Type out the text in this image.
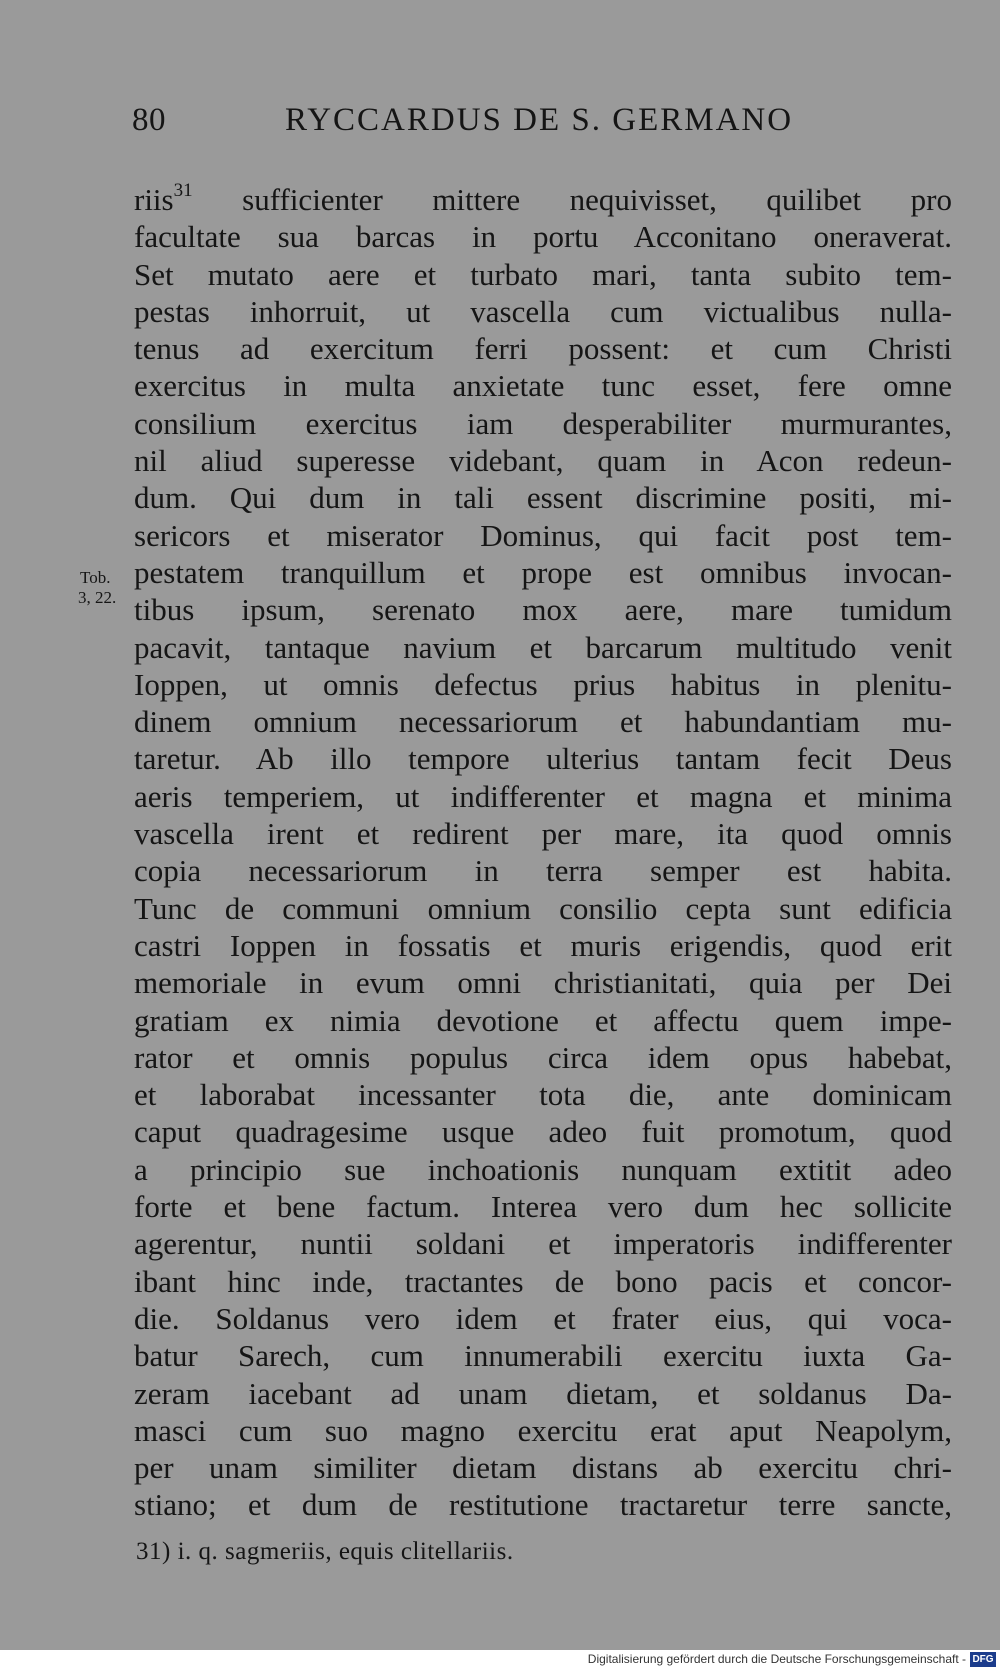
80	RYCCARDUS DE S. GERMANO
Tob.
3, 22.
riis$^{31}$ sufficienter mittere nequivisset, quilibet pro
facultate sua barcas in portu Acconitano oneraverat.
Set mutato aere et turbato mari, tanta subito tem-
pestas inhorruit, ut vascella cum victualibus nulla-
tenus ad exercitum ferri possent: et cum Christi
exercitus in multa anxietate tunc esset, fere omne
consilium exercitus iam desperabiliter murmurantes,
nil aliud superesse videbant, quam in Acon redeun-
dum. Qui dum in tali essent discrimine positi, mi-
sericors et miserator Dominus, qui facit post tem-
pestatem tranquillum et prope est omnibus invocan-
tibus ipsum, serenato mox aere, mare tumidum
pacavit, tantaque navium et barcarum multitudo venit
Ioppen, ut omnis defectus prius habitus in plenitu-
dinem omnium necessariorum et habundantiam mu-
taretur. Ab illo tempore ulterius tantam fecit Deus
aeris temperiem, ut indifferenter et magna et minima
vascella irent et redirent per mare, ita quod omnis
copia necessariorum in terra semper est habita.
Tunc de communi omnium consilio cepta sunt edificia
castri Ioppen in fossatis et muris erigendis, quod erit
memoriale in evum omni christianitati, quia per Dei
gratiam ex nimia devotione et affectu quem impe-
rator et omnis populus circa idem opus habebat,
et laborabat incessanter tota die, ante dominicam
caput quadragesime usque adeo fuit promotum, quod
a principio sue inchoationis nunquam extitit adeo
forte et bene factum. Interea vero dum hec sollicite
agerentur, nuntii soldani et imperatoris indifferenter
ibant hinc inde, tractantes de bono pacis et concor-
die. Soldanus vero idem et frater eius, qui voca-
batur Sarech, cum innumerabili exercitu iuxta Ga-
zeram iacebant ad unam dietam, et soldanus Da-
masci cum suo magno exercitu erat aput Neapolym,
per unam similiter dietam distans ab exercitu chri-
stiano; et dum de restitutione tractaretur terre sancte,
31) i. q. sagmeriis, equis clitellariis.
Digitalisierung gefördert durch die Deutsche Forschungsgemeinschaft - DFG
